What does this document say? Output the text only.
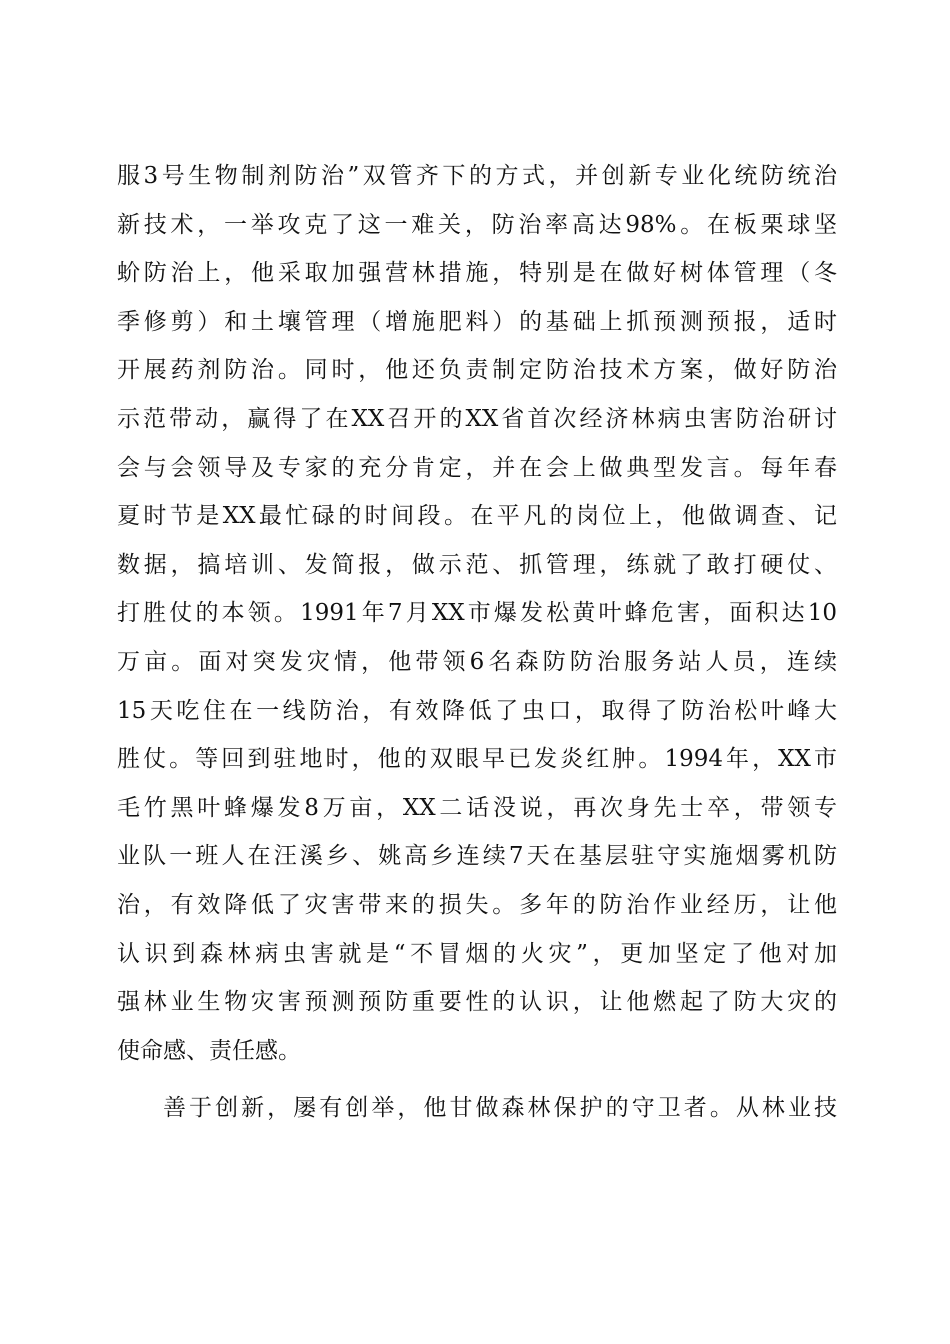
服3号生物制剂防治”双管齐下的方式，并创新专业化统防统治
新技术，一举攻克了这一难关，防治率高达98%。在板栗球坚
蚧防治上，他采取加强营林措施，特别是在做好树体管理（冬
季修剪）和土壤管理（增施肥料）的基础上抓预测预报，适时
开展药剂防治。同时，他还负责制定防治技术方案，做好防治
示范带动，赢得了在XX召开的XX省首次经济林病虫害防治研讨
会与会领导及专家的充分肯定，并在会上做典型发言。每年春
夏时节是XX最忙碌的时间段。在平凡的岗位上，他做调查、记
数据，搞培训、发简报，做示范、抓管理，练就了敢打硬仗、
打胜仗的本领。1991年7月XX市爆发松黄叶蜂危害，面积达10
万亩。面对突发灾情，他带领6名森防防治服务站人员，连续
15天吃住在一线防治，有效降低了虫口，取得了防治松叶峰大
胜仗。等回到驻地时，他的双眼早已发炎红肿。1994年，XX市
毛竹黑叶蜂爆发8万亩，XX二话没说，再次身先士卒，带领专
业队一班人在汪溪乡、姚高乡连续7天在基层驻守实施烟雾机防
治，有效降低了灾害带来的损失。多年的防治作业经历，让他
认识到森林病虫害就是“不冒烟的火灾”，更加坚定了他对加
强林业生物灾害预测预防重要性的认识，让他燃起了防大灾的
使命感、责任感。
善于创新，屡有创举，他甘做森林保护的守卫者。从林业技
